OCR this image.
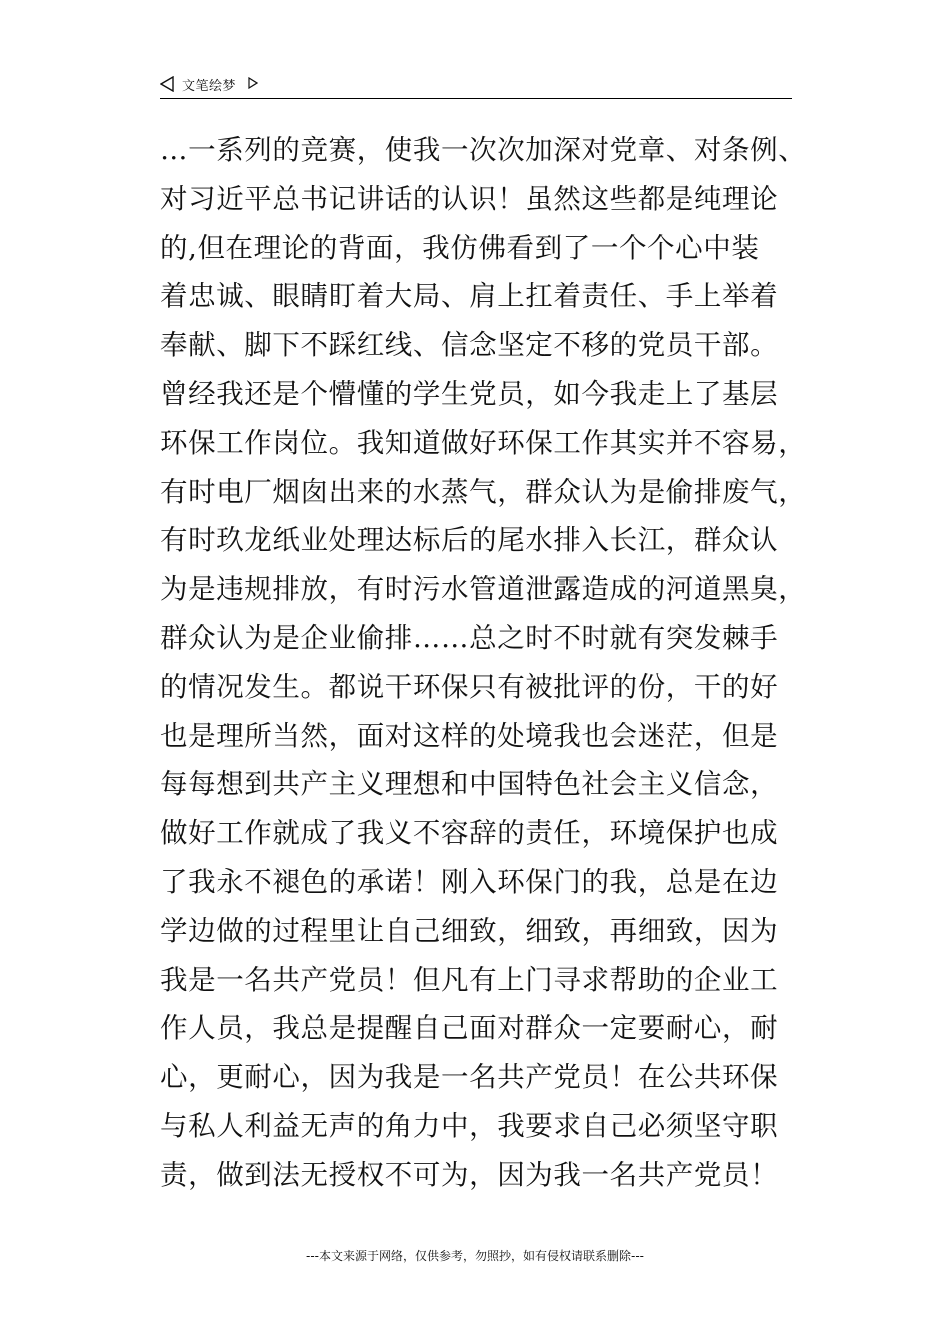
文笔绘梦
…一系列的竞赛，使我一次次加深对党章、对条例、
对习近平总书记讲话的认识！虽然这些都是纯理论
的,但在理论的背面，我仿佛看到了一个个心中装
着忠诚、眼睛盯着大局、肩上扛着责任、手上举着
奉献、脚下不踩红线、信念坚定不移的党员干部。
曾经我还是个懵懂的学生党员，如今我走上了基层
环保工作岗位。我知道做好环保工作其实并不容易，
有时电厂烟囱出来的水蒸气，群众认为是偷排废气，
有时玖龙纸业处理达标后的尾水排入长江，群众认
为是违规排放，有时污水管道泄露造成的河道黑臭，
群众认为是企业偷排……总之时不时就有突发棘手
的情况发生。都说干环保只有被批评的份，干的好
也是理所当然，面对这样的处境我也会迷茫，但是
每每想到共产主义理想和中国特色社会主义信念，
做好工作就成了我义不容辞的责任，环境保护也成
了我永不褪色的承诺！刚入环保门的我，总是在边
学边做的过程里让自己细致，细致，再细致，因为
我是一名共产党员！但凡有上门寻求帮助的企业工
作人员，我总是提醒自己面对群众一定要耐心，耐
心，更耐心，因为我是一名共产党员！在公共环保
与私人利益无声的角力中，我要求自己必须坚守职
责，做到法无授权不可为，因为我一名共产党员！
---本文来源于网络，仅供参考，勿照抄，如有侵权请联系删除---
